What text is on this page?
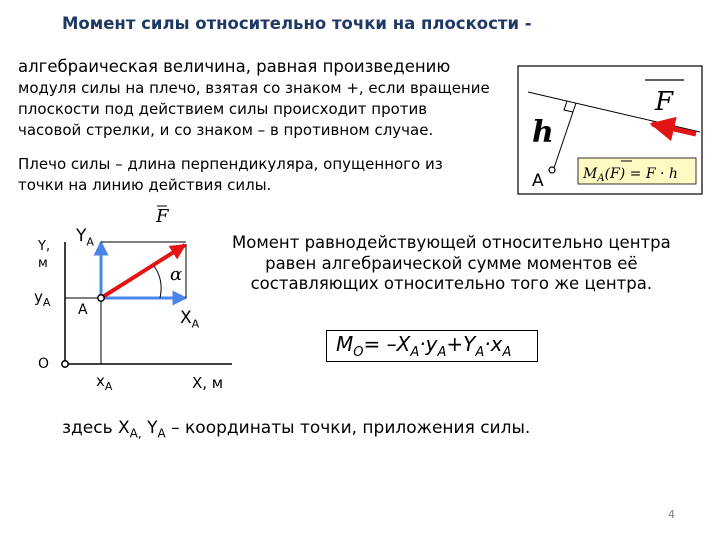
Момент силы относительно точки на плоскости -
алгебраическая величина, равная произведению
модуля силы на плечо, взятая со знаком +, если вращение
плоскости под действием силы происходит против
часовой стрелки, и со знаком – в противном случае.
Плечо силы – длина перпендикуляра, опущенного из
точки на линию действия силы.
Момент равнодействующей относительно центра
равен алгебраической сумме моментов её
составляющих относительно того же центра.
$M_O= -X_A\cdot y_A+Y_A\cdot x_A$
здесь $X_{A,}$ $Y_A$ – координаты точки, приложения силы.
4
F
h
A	$M_A(F) = F \cdot h$
F
α
$Y_A$
$X_A$
Y,
м
$y_A$ A
O
$x_A$	X, м
